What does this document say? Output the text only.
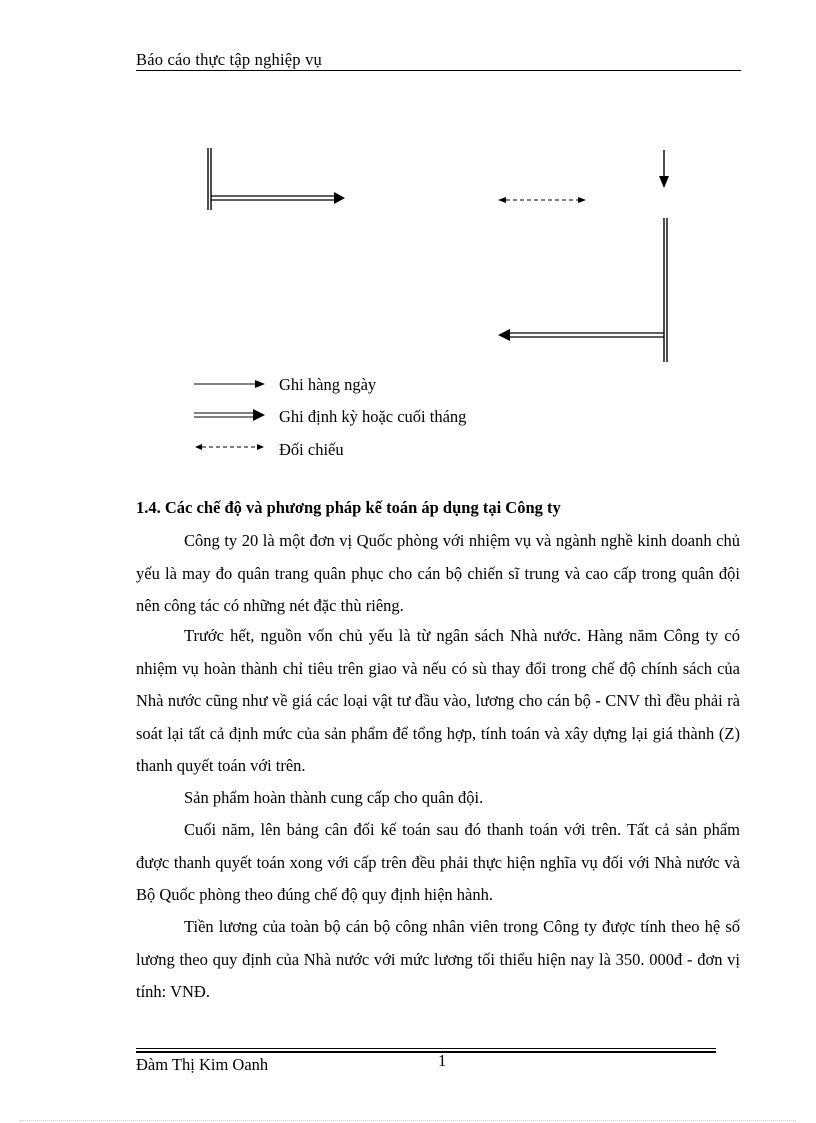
Báo cáo thực tập nghiệp vụ
Ghi hàng ngày
Ghi định kỳ hoặc cuối tháng
Đối chiếu
1.4. Các chế độ và phương pháp kế toán áp dụng tại Công ty

Công ty 20 là một đơn vị Quốc phòng với nhiệm vụ và ngành nghề kinh doanh chủ yếu là may đo quân trang quân phục cho cán bộ chiến sĩ trung và cao cấp trong quân đội nên công tác có những nét đặc thù riêng.

Trước hết, nguồn vốn chủ yếu là từ ngân sách Nhà nước. Hàng năm Công ty có nhiệm vụ hoàn thành chỉ tiêu trên giao và nếu có sù thay đổi trong chế độ chính sách của Nhà nước cũng như về giá các loại vật tư đầu vào, lương cho cán bộ - CNV thì đều phải rà soát lại tất cả định mức của sản phẩm để tổng hợp, tính toán và xây dựng lại giá thành (Z) thanh quyết toán với trên.

Sản phẩm hoàn thành cung cấp cho quân đội.

Cuối năm, lên bảng cân đối kế toán sau đó thanh toán với trên. Tất cả sản phẩm được thanh quyết toán xong với cấp trên đều phải thực hiện nghĩa vụ đối với Nhà nước và Bộ Quốc phòng theo đúng chế độ quy định hiện hành.

Tiền lương của toàn bộ cán bộ công nhân viên trong Công ty được tính theo hệ số lương theo quy định của Nhà nước với mức lương tối thiểu hiện nay là 350. 000đ - đơn vị tính: VNĐ.

Đàm Thị Kim Oanh	1
